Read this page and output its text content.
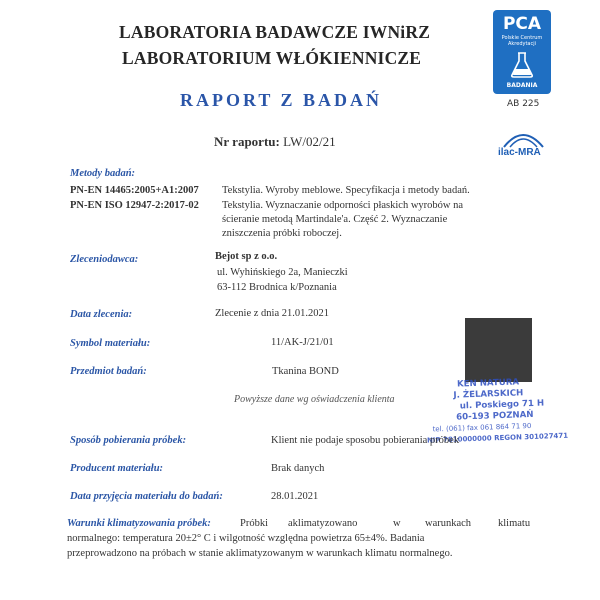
LABORATORIA BADAWCZE IWNiRZ
LABORATORIUM WŁÓKIENNICZE
RAPORT Z BADAŃ
PCA
Polskie Centrum
Akredytacji
BADANIA
AB 225
ilac-MRA
Nr raportu: LW/02/21
Metody badań:
PN-EN 14465:2005+A1:2007 Tekstylia. Wyroby meblowe. Specyfikacja i metody badań.
PN-EN ISO 12947-2:2017-02 Tekstylia. Wyznaczanie odporności płaskich wyrobów na
ścieranie metodą Martindale'a. Część 2. Wyznaczanie
zniszczenia próbki roboczej.
Zleceniodawca:	Bejot sp z o.o.
ul. Wyhińskiego 2a, Manieczki
63-112 Brodnica k/Poznania
Data zlecenia:	Zlecenie z dnia 21.01.2021
Symbol materiału:	11/AK-J/21/01
Przedmiot badań:	Tkanina BOND
Powyższe dane wg oświadczenia klienta
KEN NATURA
J. ŻELARSKICH
ul. Poskiego 71 H
60-193 POZNAŃ
tel. (061) fax 061 864 71 90
NIP 7810000000 REGON 301027471
Sposób pobierania próbek:	Klient nie podaje sposobu pobierania próbek
Producent materiału:	Brak danych
Data przyjęcia materiału do badań:	28.01.2021
Warunki klimatyzowania próbek:	Próbki aklimatyzowano	w warunkach	klimatu
normalnego: temperatura 20±2° C i wilgotność względna powietrza 65±4%. Badania
przeprowadzono na próbach w stanie aklimatyzowanym w warunkach klimatu normalnego.
